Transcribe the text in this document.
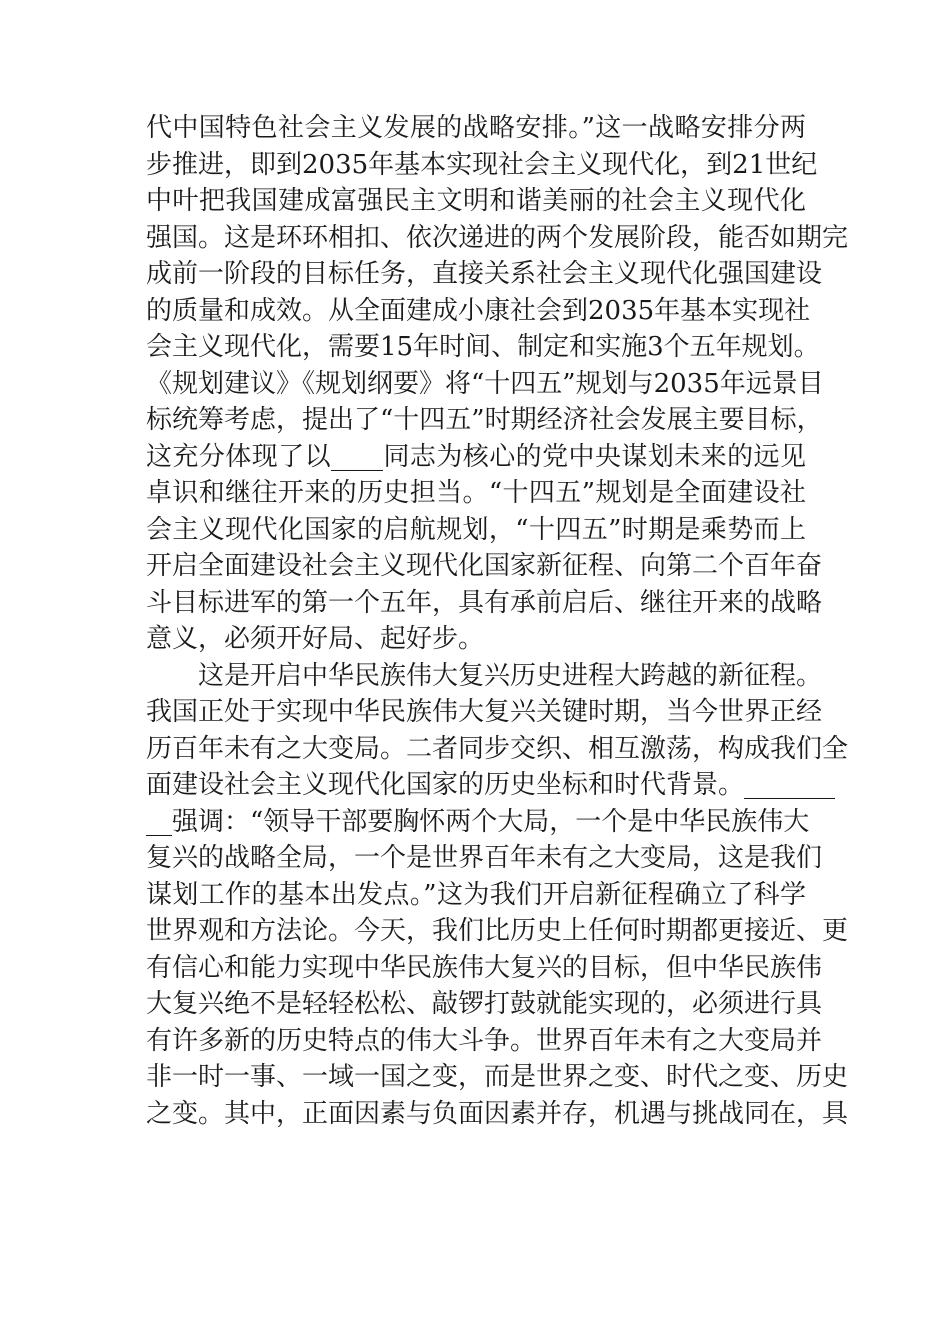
代中国特色社会主义发展的战略安排。”这一战略安排分两
步推进，即到2035年基本实现社会主义现代化，到21世纪
中叶把我国建成富强民主文明和谐美丽的社会主义现代化
强国。这是环环相扣、依次递进的两个发展阶段，能否如期完
成前一阶段的目标任务，直接关系社会主义现代化强国建设
的质量和成效。从全面建成小康社会到2035年基本实现社
会主义现代化，需要15年时间、制定和实施3个五年规划。
《规划建议》《规划纲要》将“十四五”规划与2035年远景目
标统筹考虑，提出了“十四五”时期经济社会发展主要目标，
这充分体现了以____同志为核心的党中央谋划未来的远见
卓识和继往开来的历史担当。“十四五”规划是全面建设社
会主义现代化国家的启航规划，“十四五”时期是乘势而上
开启全面建设社会主义现代化国家新征程、向第二个百年奋
斗目标进军的第一个五年，具有承前启后、继往开来的战略
意义，必须开好局、起好步。
　　这是开启中华民族伟大复兴历史进程大跨越的新征程。
我国正处于实现中华民族伟大复兴关键时期，当今世界正经
历百年未有之大变局。二者同步交织、相互激荡，构成我们全
面建设社会主义现代化国家的历史坐标和时代背景。_______
__强调：“领导干部要胸怀两个大局，一个是中华民族伟大
复兴的战略全局，一个是世界百年未有之大变局，这是我们
谋划工作的基本出发点。”这为我们开启新征程确立了科学
世界观和方法论。今天，我们比历史上任何时期都更接近、更
有信心和能力实现中华民族伟大复兴的目标，但中华民族伟
大复兴绝不是轻轻松松、敲锣打鼓就能实现的，必须进行具
有许多新的历史特点的伟大斗争。世界百年未有之大变局并
非一时一事、一域一国之变，而是世界之变、时代之变、历史
之变。其中，正面因素与负面因素并存，机遇与挑战同在，具
